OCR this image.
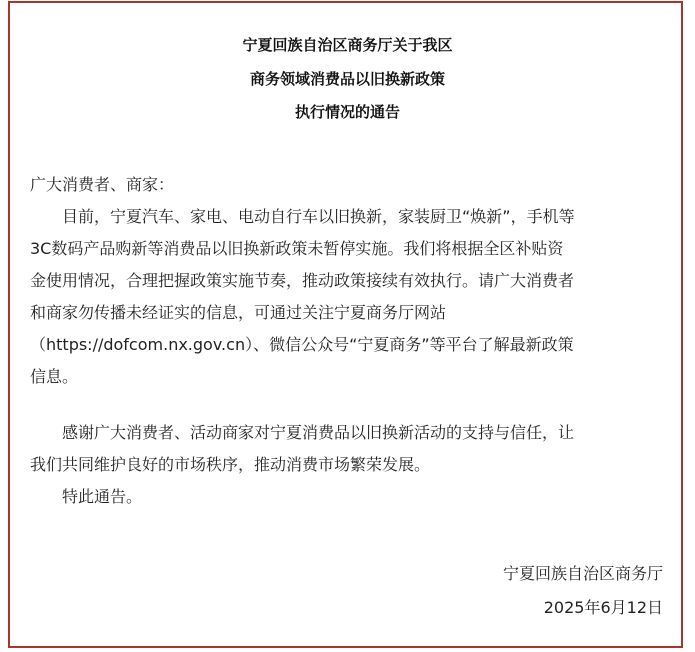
宁夏回族自治区商务厅关于我区
商务领域消费品以旧换新政策
执行情况的通告
广大消费者、商家：
　　目前，宁夏汽车、家电、电动自行车以旧换新，家装厨卫“焕新”，手机等
3C数码产品购新等消费品以旧换新政策未暂停实施。我们将根据全区补贴资
金使用情况，合理把握政策实施节奏，推动政策接续有效执行。请广大消费者
和商家勿传播未经证实的信息，可通过关注宁夏商务厅网站
（https://dofcom.nx.gov.cn）、微信公众号“宁夏商务”等平台了解最新政策
信息。
　　感谢广大消费者、活动商家对宁夏消费品以旧换新活动的支持与信任，让
我们共同维护良好的市场秩序，推动消费市场繁荣发展。
　　特此通告。
宁夏回族自治区商务厅
2025年6月12日
